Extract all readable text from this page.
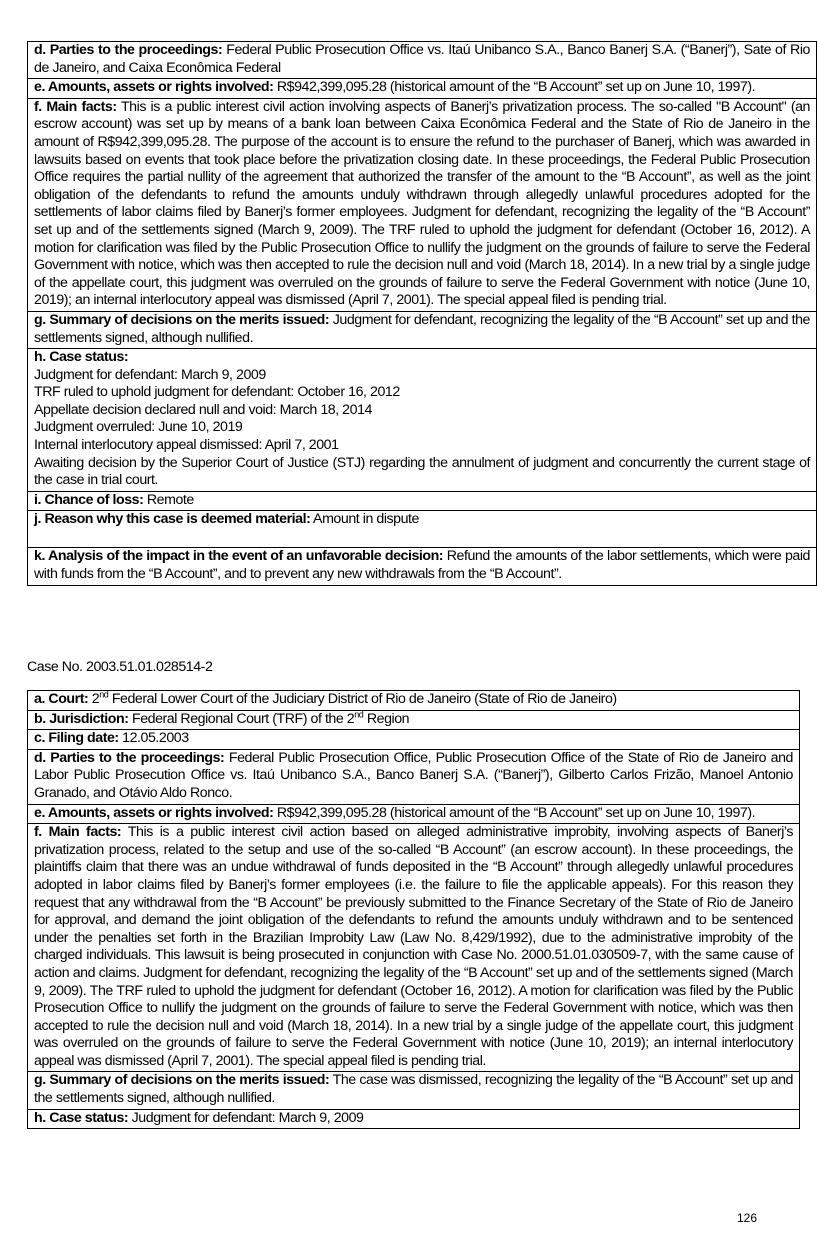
d. Parties to the proceedings: Federal Public Prosecution Office vs. Itaú Unibanco S.A., Banco Banerj S.A. (“Banerj”), Sate of Rio de Janeiro, and Caixa Econômica Federal
e. Amounts, assets or rights involved: R$942,399,095.28 (historical amount of the “B Account” set up on June 10, 1997).
f. Main facts: This is a public interest civil action involving aspects of Banerj’s privatization process. The so-called "B Account" (an escrow account) was set up by means of a bank loan between Caixa Econômica Federal and the State of Rio de Janeiro in the amount of R$942,399,095.28. The purpose of the account is to ensure the refund to the purchaser of Banerj, which was awarded in lawsuits based on events that took place before the privatization closing date. In these proceedings, the Federal Public Prosecution Office requires the partial nullity of the agreement that authorized the transfer of the amount to the “B Account”, as well as the joint obligation of the defendants to refund the amounts unduly withdrawn through allegedly unlawful procedures adopted for the settlements of labor claims filed by Banerj’s former employees. Judgment for defendant, recognizing the legality of the “B Account” set up and of the settlements signed (March 9, 2009). The TRF ruled to uphold the judgment for defendant (October 16, 2012). A motion for clarification was filed by the Public Prosecution Office to nullify the judgment on the grounds of failure to serve the Federal Government with notice, which was then accepted to rule the decision null and void (March 18, 2014). In a new trial by a single judge of the appellate court, this judgment was overruled on the grounds of failure to serve the Federal Government with notice (June 10, 2019); an internal interlocutory appeal was dismissed (April 7, 2001). The special appeal filed is pending trial.
g. Summary of decisions on the merits issued: Judgment for defendant, recognizing the legality of the “B Account” set up and the settlements signed, although nullified.
h. Case status:
Judgment for defendant: March 9, 2009
TRF ruled to uphold judgment for defendant: October 16, 2012
Appellate decision declared null and void: March 18, 2014
Judgment overruled: June 10, 2019
Internal interlocutory appeal dismissed: April 7, 2001
Awaiting decision by the Superior Court of Justice (STJ) regarding the annulment of judgment and concurrently the current stage of the case in trial court.
i. Chance of loss: Remote
j. Reason why this case is deemed material: Amount in dispute
k. Analysis of the impact in the event of an unfavorable decision: Refund the amounts of the labor settlements, which were paid with funds from the “B Account”, and to prevent any new withdrawals from the “B Account”.
Case No. 2003.51.01.028514-2
a. Court: 2nd Federal Lower Court of the Judiciary District of Rio de Janeiro (State of Rio de Janeiro)
b. Jurisdiction: Federal Regional Court (TRF) of the 2nd Region
c. Filing date: 12.05.2003
d. Parties to the proceedings: Federal Public Prosecution Office, Public Prosecution Office of the State of Rio de Janeiro and Labor Public Prosecution Office vs. Itaú Unibanco S.A., Banco Banerj S.A. (“Banerj”), Gilberto Carlos Frizão, Manoel Antonio Granado, and Otávio Aldo Ronco.
e. Amounts, assets or rights involved: R$942,399,095.28 (historical amount of the “B Account” set up on June 10, 1997).
f. Main facts: This is a public interest civil action based on alleged administrative improbity, involving aspects of Banerj’s privatization process, related to the setup and use of the so-called “B Account” (an escrow account). In these proceedings, the plaintiffs claim that there was an undue withdrawal of funds deposited in the “B Account” through allegedly unlawful procedures adopted in labor claims filed by Banerj’s former employees (i.e. the failure to file the applicable appeals). For this reason they request that any withdrawal from the “B Account” be previously submitted to the Finance Secretary of the State of Rio de Janeiro for approval, and demand the joint obligation of the defendants to refund the amounts unduly withdrawn and to be sentenced under the penalties set forth in the Brazilian Improbity Law (Law No. 8,429/1992), due to the administrative improbity of the charged individuals. This lawsuit is being prosecuted in conjunction with Case No. 2000.51.01.030509-7, with the same cause of action and claims. Judgment for defendant, recognizing the legality of the “B Account” set up and of the settlements signed (March 9, 2009). The TRF ruled to uphold the judgment for defendant (October 16, 2012). A motion for clarification was filed by the Public Prosecution Office to nullify the judgment on the grounds of failure to serve the Federal Government with notice, which was then accepted to rule the decision null and void (March 18, 2014). In a new trial by a single judge of the appellate court, this judgment was overruled on the grounds of failure to serve the Federal Government with notice (June 10, 2019); an internal interlocutory appeal was dismissed (April 7, 2001). The special appeal filed is pending trial.
g. Summary of decisions on the merits issued: The case was dismissed, recognizing the legality of the “B Account” set up and the settlements signed, although nullified.
h. Case status: Judgment for defendant: March 9, 2009
126
